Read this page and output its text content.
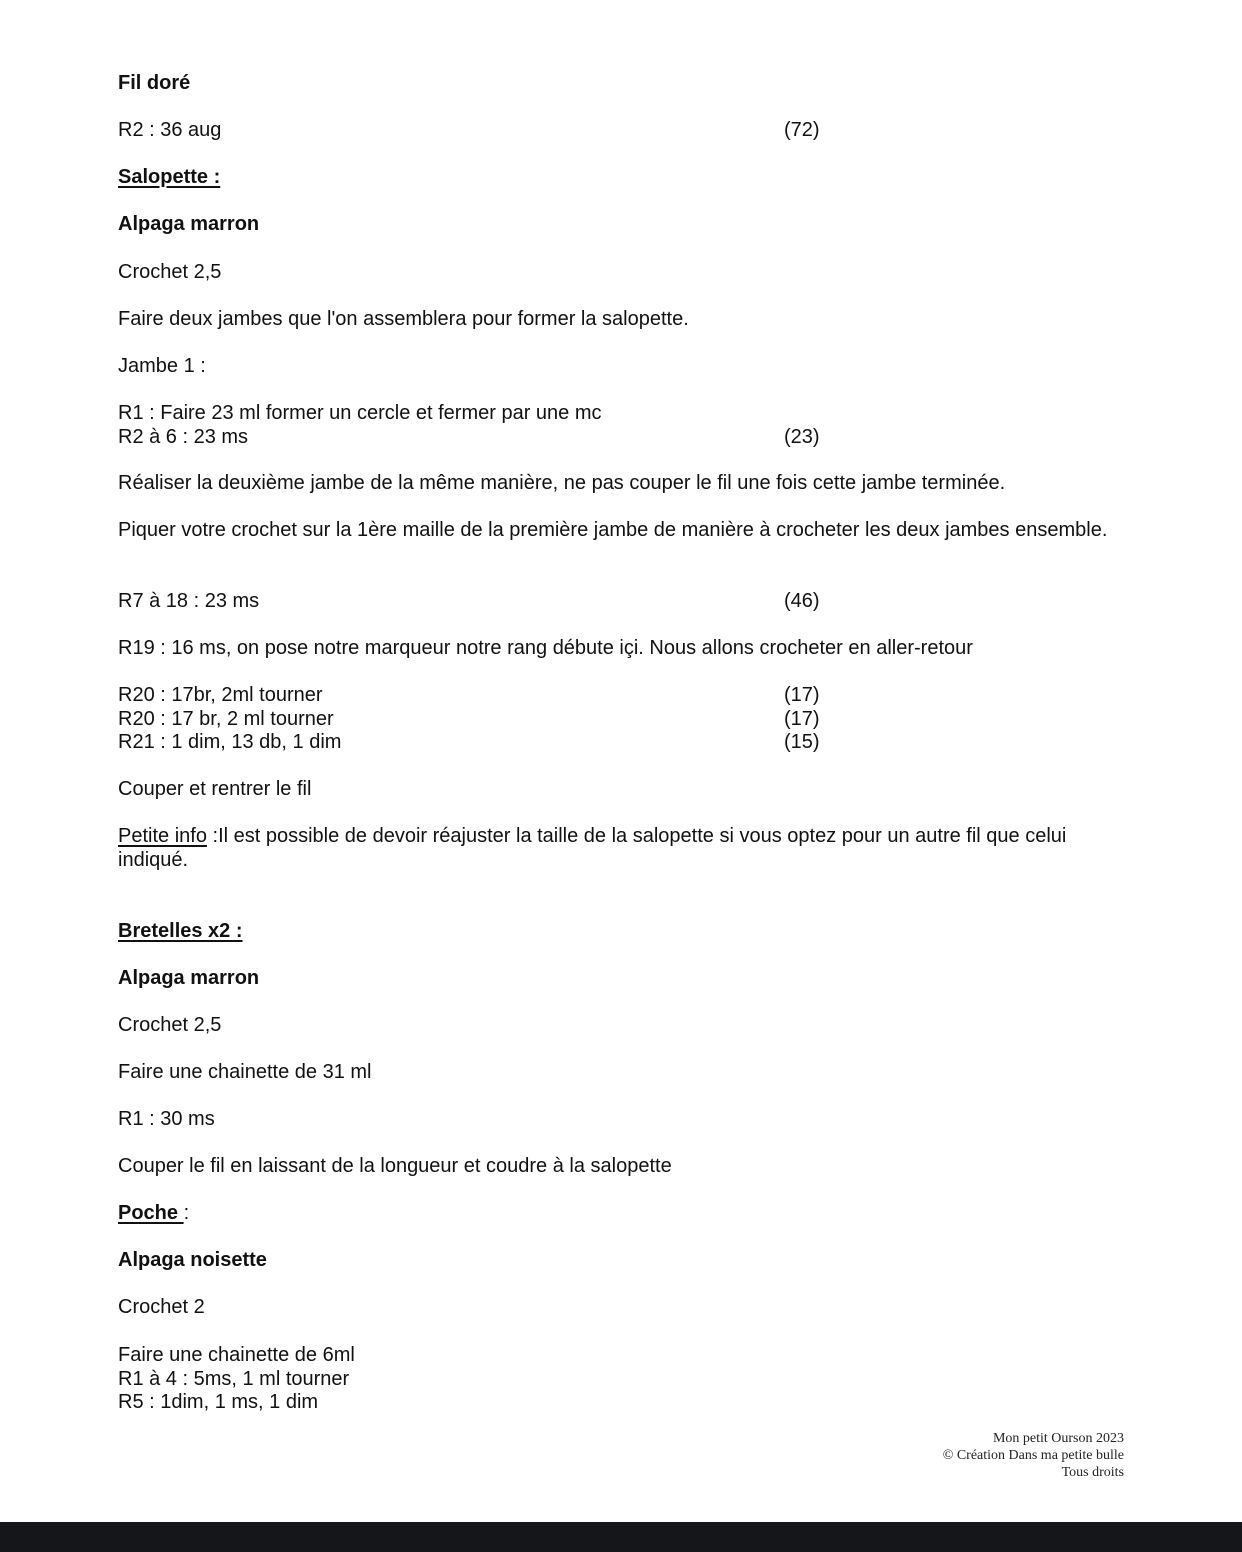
Fil doré
R2 : 36 aug	(72)
Salopette :
Alpaga marron
Crochet 2,5
Faire deux jambes que l'on assemblera pour former la salopette.
Jambe 1 :
R1 : Faire 23 ml former un cercle et fermer par une mc
R2 à 6 : 23 ms	(23)
Réaliser la deuxième jambe de la même manière, ne pas couper le fil une fois cette jambe terminée.
Piquer votre crochet sur la 1ère maille de la première jambe de manière à crocheter les deux jambes ensemble.
R7 à 18 : 23 ms	(46)
R19 : 16 ms, on pose notre marqueur notre rang débute içi. Nous allons crocheter en aller-retour
R20 : 17br, 2ml tourner	(17)
R20 : 17 br, 2 ml tourner	(17)
R21 : 1 dim, 13 db, 1 dim	(15)
Couper et rentrer le fil
Petite info :Il est possible de devoir réajuster la taille de la salopette si vous optez pour un autre fil que celui indiqué.
Bretelles x2 :
Alpaga marron
Crochet 2,5
Faire une chainette de 31 ml
R1 : 30 ms
Couper le fil en laissant de la longueur et coudre à la salopette
Poche :
Alpaga noisette
Crochet 2
Faire une chainette de 6ml
R1 à 4 : 5ms, 1 ml tourner
R5 : 1dim, 1 ms, 1 dim
Mon petit Ourson 2023
© Création Dans ma petite bulle
Tous droits
